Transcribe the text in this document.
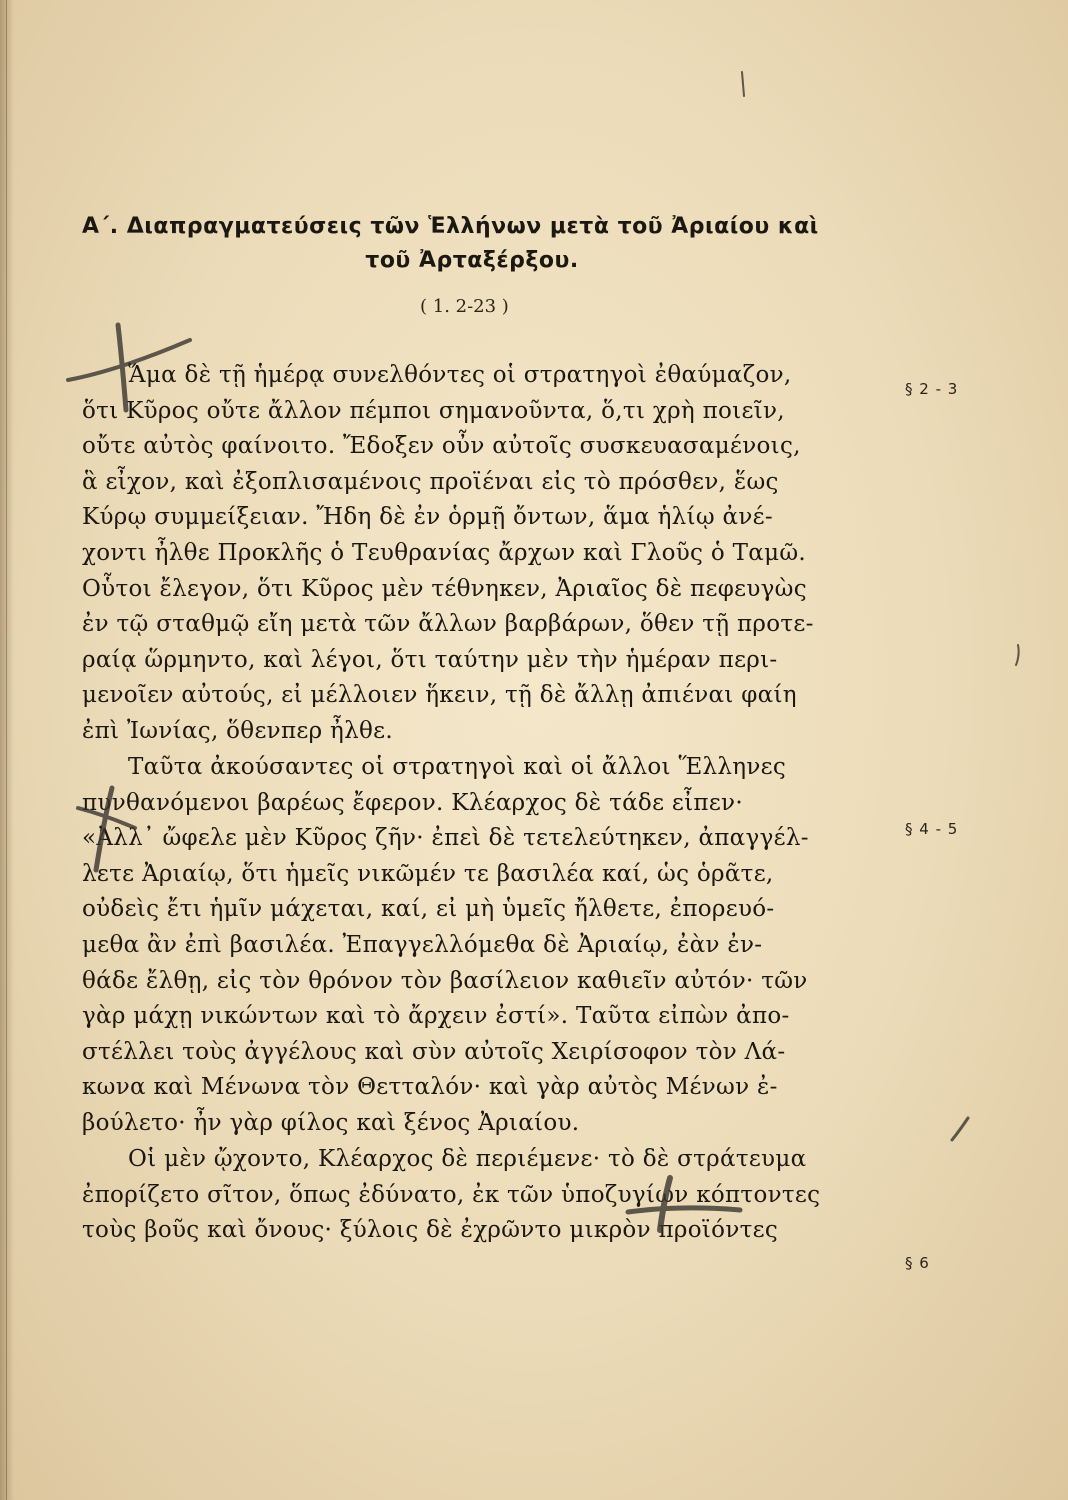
Α΄. Διαπραγματεύσεις τῶν Ἑλλήνων μετὰ τοῦ Ἀριαίου καὶ
τοῦ Ἀρταξέρξου.
( 1. 2-23 )
Ἅμα δὲ τῇ ἡμέρᾳ συνελθόντες οἱ στρατηγοὶ ἐθαύμαζον,
ὅτι Κῦρος οὔτε ἄλλον πέμποι σημανοῦντα, ὅ,τι χρὴ ποιεῖν,
οὔτε αὐτὸς φαίνοιτο. Ἔδοξεν οὖν αὐτοῖς συσκευασαμένοις,
ἃ εἶχον, καὶ ἐξοπλισαμένοις προϊέναι εἰς τὸ πρόσθεν, ἕως
Κύρῳ συμμείξειαν. Ἤδη δὲ ἐν ὁρμῇ ὄντων, ἅμα ἡλίῳ ἀνέ-
χοντι ἦλθε Προκλῆς ὁ Τευθρανίας ἄρχων καὶ Γλοῦς ὁ Ταμῶ.
Οὗτοι ἔλεγον, ὅτι Κῦρος μὲν τέθνηκεν, Ἀριαῖος δὲ πεφευγὼς
ἐν τῷ σταθμῷ εἴη μετὰ τῶν ἄλλων βαρβάρων, ὅθεν τῇ προτε-
ραίᾳ ὥρμηντο, καὶ λέγοι, ὅτι ταύτην μὲν τὴν ἡμέραν περι-
μενοῖεν αὐτούς, εἰ μέλλοιεν ἥκειν, τῇ δὲ ἄλλῃ ἀπιέναι φαίη
ἐπὶ Ἰωνίας, ὅθενπερ ἦλθε.
Ταῦτα ἀκούσαντες οἱ στρατηγοὶ καὶ οἱ ἄλλοι Ἕλληνες
πυνθανόμενοι βαρέως ἔφερον. Κλέαρχος δὲ τάδε εἶπεν·
«Ἀλλ᾽ ὤφελε μὲν Κῦρος ζῆν· ἐπεὶ δὲ τετελεύτηκεν, ἀπαγγέλ-
λετε Ἀριαίῳ, ὅτι ἡμεῖς νικῶμέν τε βασιλέα καί, ὡς ὁρᾶτε,
οὐδεὶς ἔτι ἡμῖν μάχεται, καί, εἰ μὴ ὑμεῖς ἤλθετε, ἐπορευό-
μεθα ἂν ἐπὶ βασιλέα. Ἐπαγγελλόμεθα δὲ Ἀριαίῳ, ἐὰν ἐν-
θάδε ἔλθῃ, εἰς τὸν θρόνον τὸν βασίλειον καθιεῖν αὐτόν· τῶν
γὰρ μάχῃ νικώντων καὶ τὸ ἄρχειν ἐστί». Ταῦτα εἰπὼν ἀπο-
στέλλει τοὺς ἀγγέλους καὶ σὺν αὐτοῖς Χειρίσοφον τὸν Λά-
κωνα καὶ Μένωνα τὸν Θετταλόν· καὶ γὰρ αὐτὸς Μένων ἐ-
βούλετο· ἦν γὰρ φίλος καὶ ξένος Ἀριαίου.
Οἱ μὲν ᾤχοντο, Κλέαρχος δὲ περιέμενε· τὸ δὲ στράτευμα
ἐπορίζετο σῖτον, ὅπως ἐδύνατο, ἐκ τῶν ὑποζυγίων κόπτοντες
τοὺς βοῦς καὶ ὄνους· ξύλοις δὲ ἐχρῶντο μικρὸν προϊόντες
§ 2 - 3
§ 4 - 5
§ 6
